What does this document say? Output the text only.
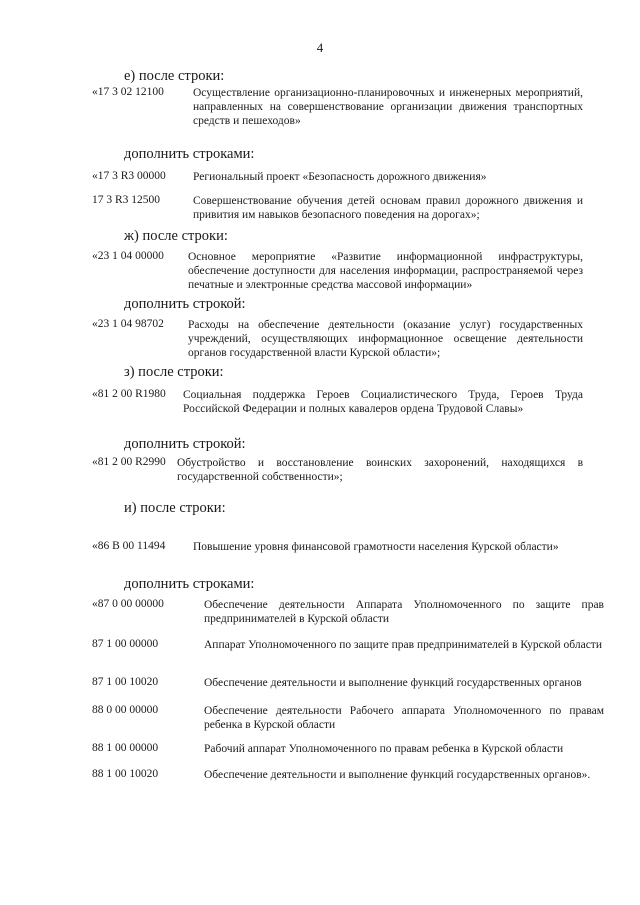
4
е) после строки:
«17 3 02 12100	Осуществление организационно-планировочных и инженерных мероприятий, направленных на совершенствование организации движения транспортных средств и пешеходов»
дополнить строками:
«17 3 R3 00000 Региональный проект «Безопасность дорожного движения»
17 3 R3 12500	Совершенствование обучения детей основам правил дорожного движения и привития им навыков безопасного поведения на дорогах»;
ж) после строки:
«23 1 04 00000 Основное мероприятие «Развитие информационной инфраструктуры, обеспечение доступности для населения информации, распространяемой через печатные и электронные средства массовой информации»
дополнить строкой:
«23 1 04 98702 Расходы на обеспечение деятельности (оказание услуг) государственных учреждений, осуществляющих информационное освещение деятельности органов государственной власти Курской области»;
з) после строки:
«81 2 00 R1980 Социальная поддержка Героев Социалистического Труда, Героев Труда Российской Федерации и полных кавалеров ордена Трудовой Славы»
дополнить строкой:
«81 2 00 R2990 Обустройство и восстановление воинских захоронений, находящихся в государственной собственности»;
и) после строки:
«86 В 00 11494 Повышение уровня финансовой грамотности населения Курской области»
дополнить строками:
«87 0 00 00000	Обеспечение деятельности Аппарата Уполномоченного по защите прав предпринимателей в Курской области
87 1 00 00000	Аппарат Уполномоченного по защите прав предпринимателей в Курской области
87 1 00 10020	Обеспечение деятельности и выполнение функций государственных органов
88 0 00 00000	Обеспечение деятельности Рабочего аппарата Уполномоченного по правам ребенка в Курской области
88 1 00 00000	Рабочий аппарат Уполномоченного по правам ребенка в Курской области
88 1 00 10020	Обеспечение деятельности и выполнение функций государственных органов».
